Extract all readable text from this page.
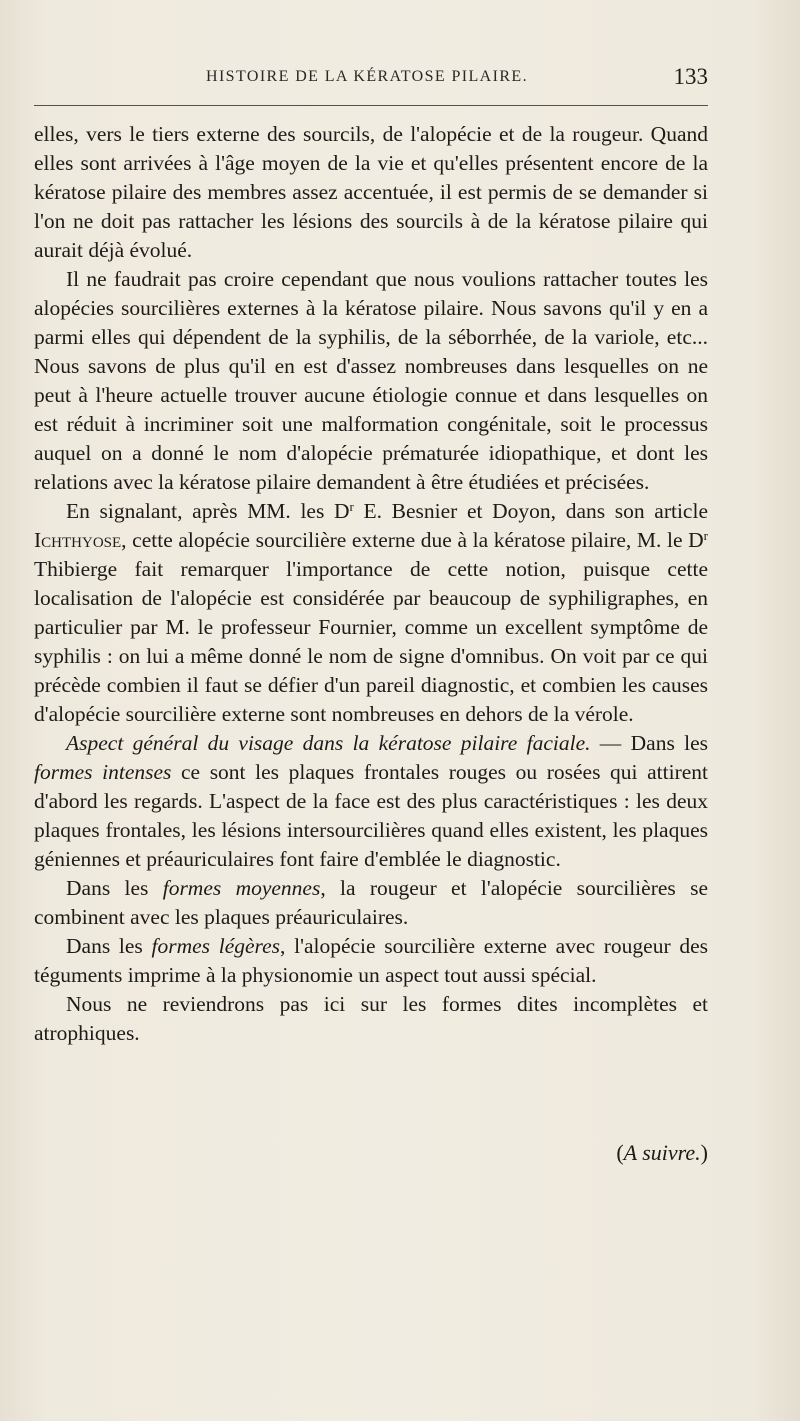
HISTOIRE DE LA KÉRATOSE PILAIRE.	133

elles, vers le tiers externe des sourcils, de l'alopécie et de la rougeur. Quand elles sont arrivées à l'âge moyen de la vie et qu'elles présentent encore de la kératose pilaire des membres assez accentuée, il est permis de se demander si l'on ne doit pas rattacher les lésions des sourcils à de la kératose pilaire qui aurait déjà évolué.

Il ne faudrait pas croire cependant que nous voulions rattacher toutes les alopécies sourcilières externes à la kératose pilaire. Nous savons qu'il y en a parmi elles qui dépendent de la syphilis, de la séborrhée, de la variole, etc... Nous savons de plus qu'il en est d'assez nombreuses dans lesquelles on ne peut à l'heure actuelle trouver aucune étiologie connue et dans lesquelles on est réduit à incriminer soit une malformation congénitale, soit le processus auquel on a donné le nom d'alopécie prématurée idiopathique, et dont les relations avec la kératose pilaire demandent à être étudiées et précisées.

En signalant, après MM. les $D^r$ E. Besnier et Doyon, dans son article Ichthyose, cette alopécie sourcilière externe due à la kératose pilaire, M. le $D^r$ Thibierge fait remarquer l'importance de cette notion, puisque cette localisation de l'alopécie est considérée par beaucoup de syphiligraphes, en particulier par M. le professeur Fournier, comme un excellent symptôme de syphilis : on lui a même donné le nom de signe d'omnibus. On voit par ce qui précède combien il faut se défier d'un pareil diagnostic, et combien les causes d'alopécie sourcilière externe sont nombreuses en dehors de la vérole.

Aspect général du visage dans la kératose pilaire faciale. — Dans les formes intenses ce sont les plaques frontales rouges ou rosées qui attirent d'abord les regards. L'aspect de la face est des plus caractéristiques : les deux plaques frontales, les lésions intersourcilières quand elles existent, les plaques géniennes et préauriculaires font faire d'emblée le diagnostic.

Dans les formes moyennes, la rougeur et l'alopécie sourcilières se combinent avec les plaques préauriculaires.

Dans les formes légères, l'alopécie sourcilière externe avec rougeur des téguments imprime à la physionomie un aspect tout aussi spécial.

Nous ne reviendrons pas ici sur les formes dites incomplètes et atrophiques.

(A suivre.)
